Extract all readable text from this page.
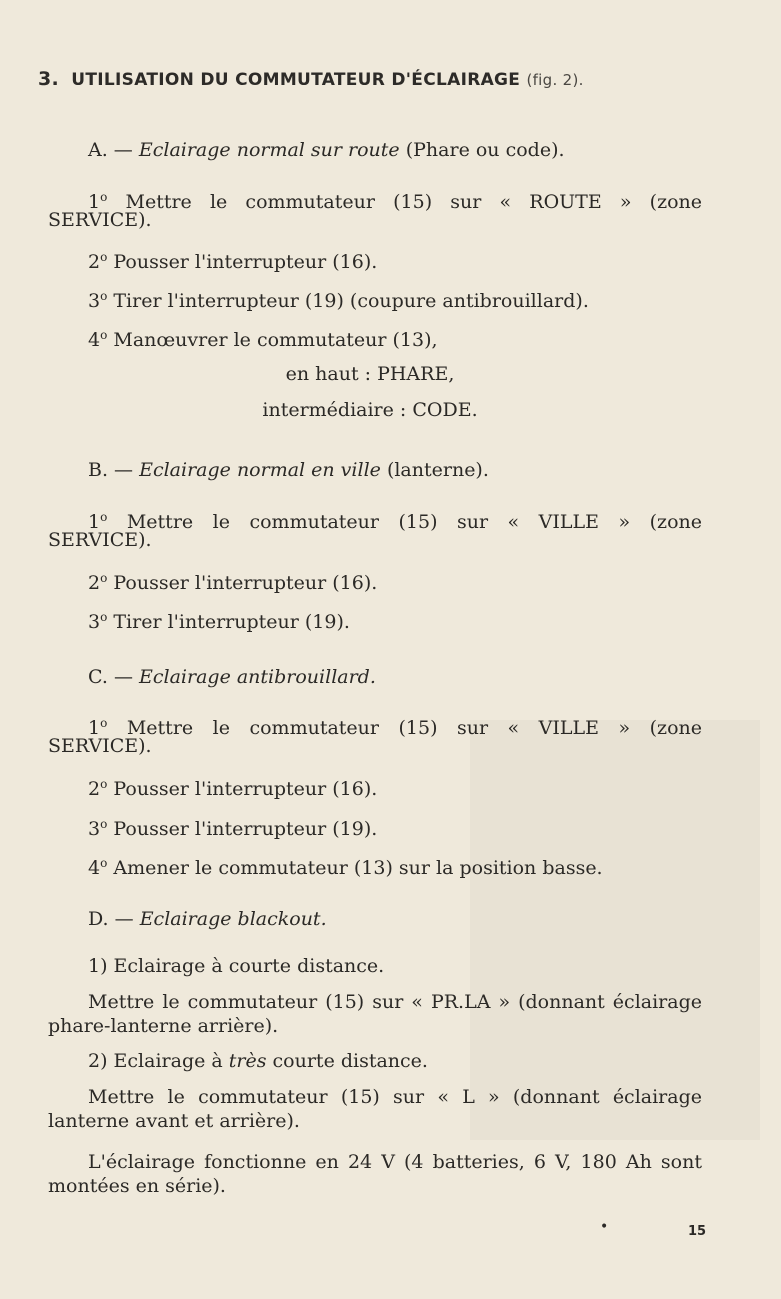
3. UTILISATION DU COMMUTATEUR D'ÉCLAIRAGE (fig. 2).
A. — Eclairage normal sur route (Phare ou code).
1$^o$ Mettre le commutateur (15) sur « ROUTE » (zone
SERVICE).
2$^o$ Pousser l'interrupteur (16).
3$^o$ Tirer l'interrupteur (19) (coupure antibrouillard).
4$^o$ Manœuvrer le commutateur (13),
en haut : PHARE,
intermédiaire : CODE.
B. — Eclairage normal en ville (lanterne).
1$^o$ Mettre le commutateur (15) sur « VILLE » (zone
SERVICE).
2$^o$ Pousser l'interrupteur (16).
3$^o$ Tirer l'interrupteur (19).
C. — Eclairage antibrouillard.
1$^o$ Mettre le commutateur (15) sur « VILLE » (zone
SERVICE).
2$^o$ Pousser l'interrupteur (16).
3$^o$ Pousser l'interrupteur (19).
4$^o$ Amener le commutateur (13) sur la position basse.
D. — Eclairage blackout.
1) Eclairage à courte distance.
Mettre le commutateur (15) sur « PR.LA » (donnant éclairage
phare-lanterne arrière).
2) Eclairage à très courte distance.
Mettre le commutateur (15) sur « L » (donnant éclairage
lanterne avant et arrière).
L'éclairage fonctionne en 24 V (4 batteries, 6 V, 180 Ah sont
montées en série).
•	15
